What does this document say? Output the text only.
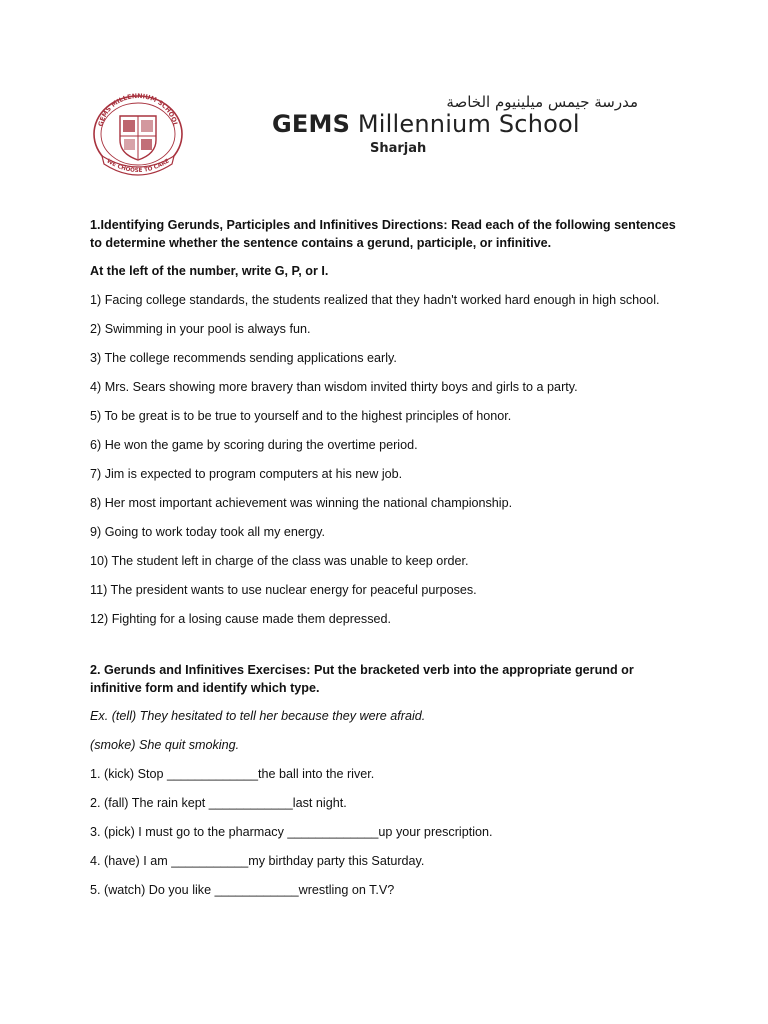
GEMS MILLENNIUM SCHOOL
WE CHOOSE TO CARE
مدرسة جيمس ميلينيوم الخاصة
GEMS Millennium School
Sharjah
1.Identifying Gerunds, Participles and Infinitives Directions: Read each of the following sentences to determine whether the sentence contains a gerund, participle, or infinitive.
At the left of the number, write G, P, or I.
1) Facing college standards, the students realized that they hadn't worked hard enough in high school.
2) Swimming in your pool is always fun.
3) The college recommends sending applications early.
4) Mrs. Sears showing more bravery than wisdom invited thirty boys and girls to a party.
5) To be great is to be true to yourself and to the highest principles of honor.
6) He won the game by scoring during the overtime period.
7) Jim is expected to program computers at his new job.
8) Her most important achievement was winning the national championship.
9) Going to work today took all my energy.
10) The student left in charge of the class was unable to keep order.
11) The president wants to use nuclear energy for peaceful purposes.
12) Fighting for a losing cause made them depressed.
2. Gerunds and Infinitives Exercises: Put the bracketed verb into the appropriate gerund or infinitive form and identify which type.
Ex. (tell) They hesitated to tell her because they were afraid.
(smoke) She quit smoking.
1. (kick) Stop _____________the ball into the river.
2. (fall) The rain kept ____________last night.
3. (pick) I must go to the pharmacy _____________up your prescription.
4. (have) I am ___________my birthday party this Saturday.
5. (watch) Do you like ____________wrestling on T.V?
